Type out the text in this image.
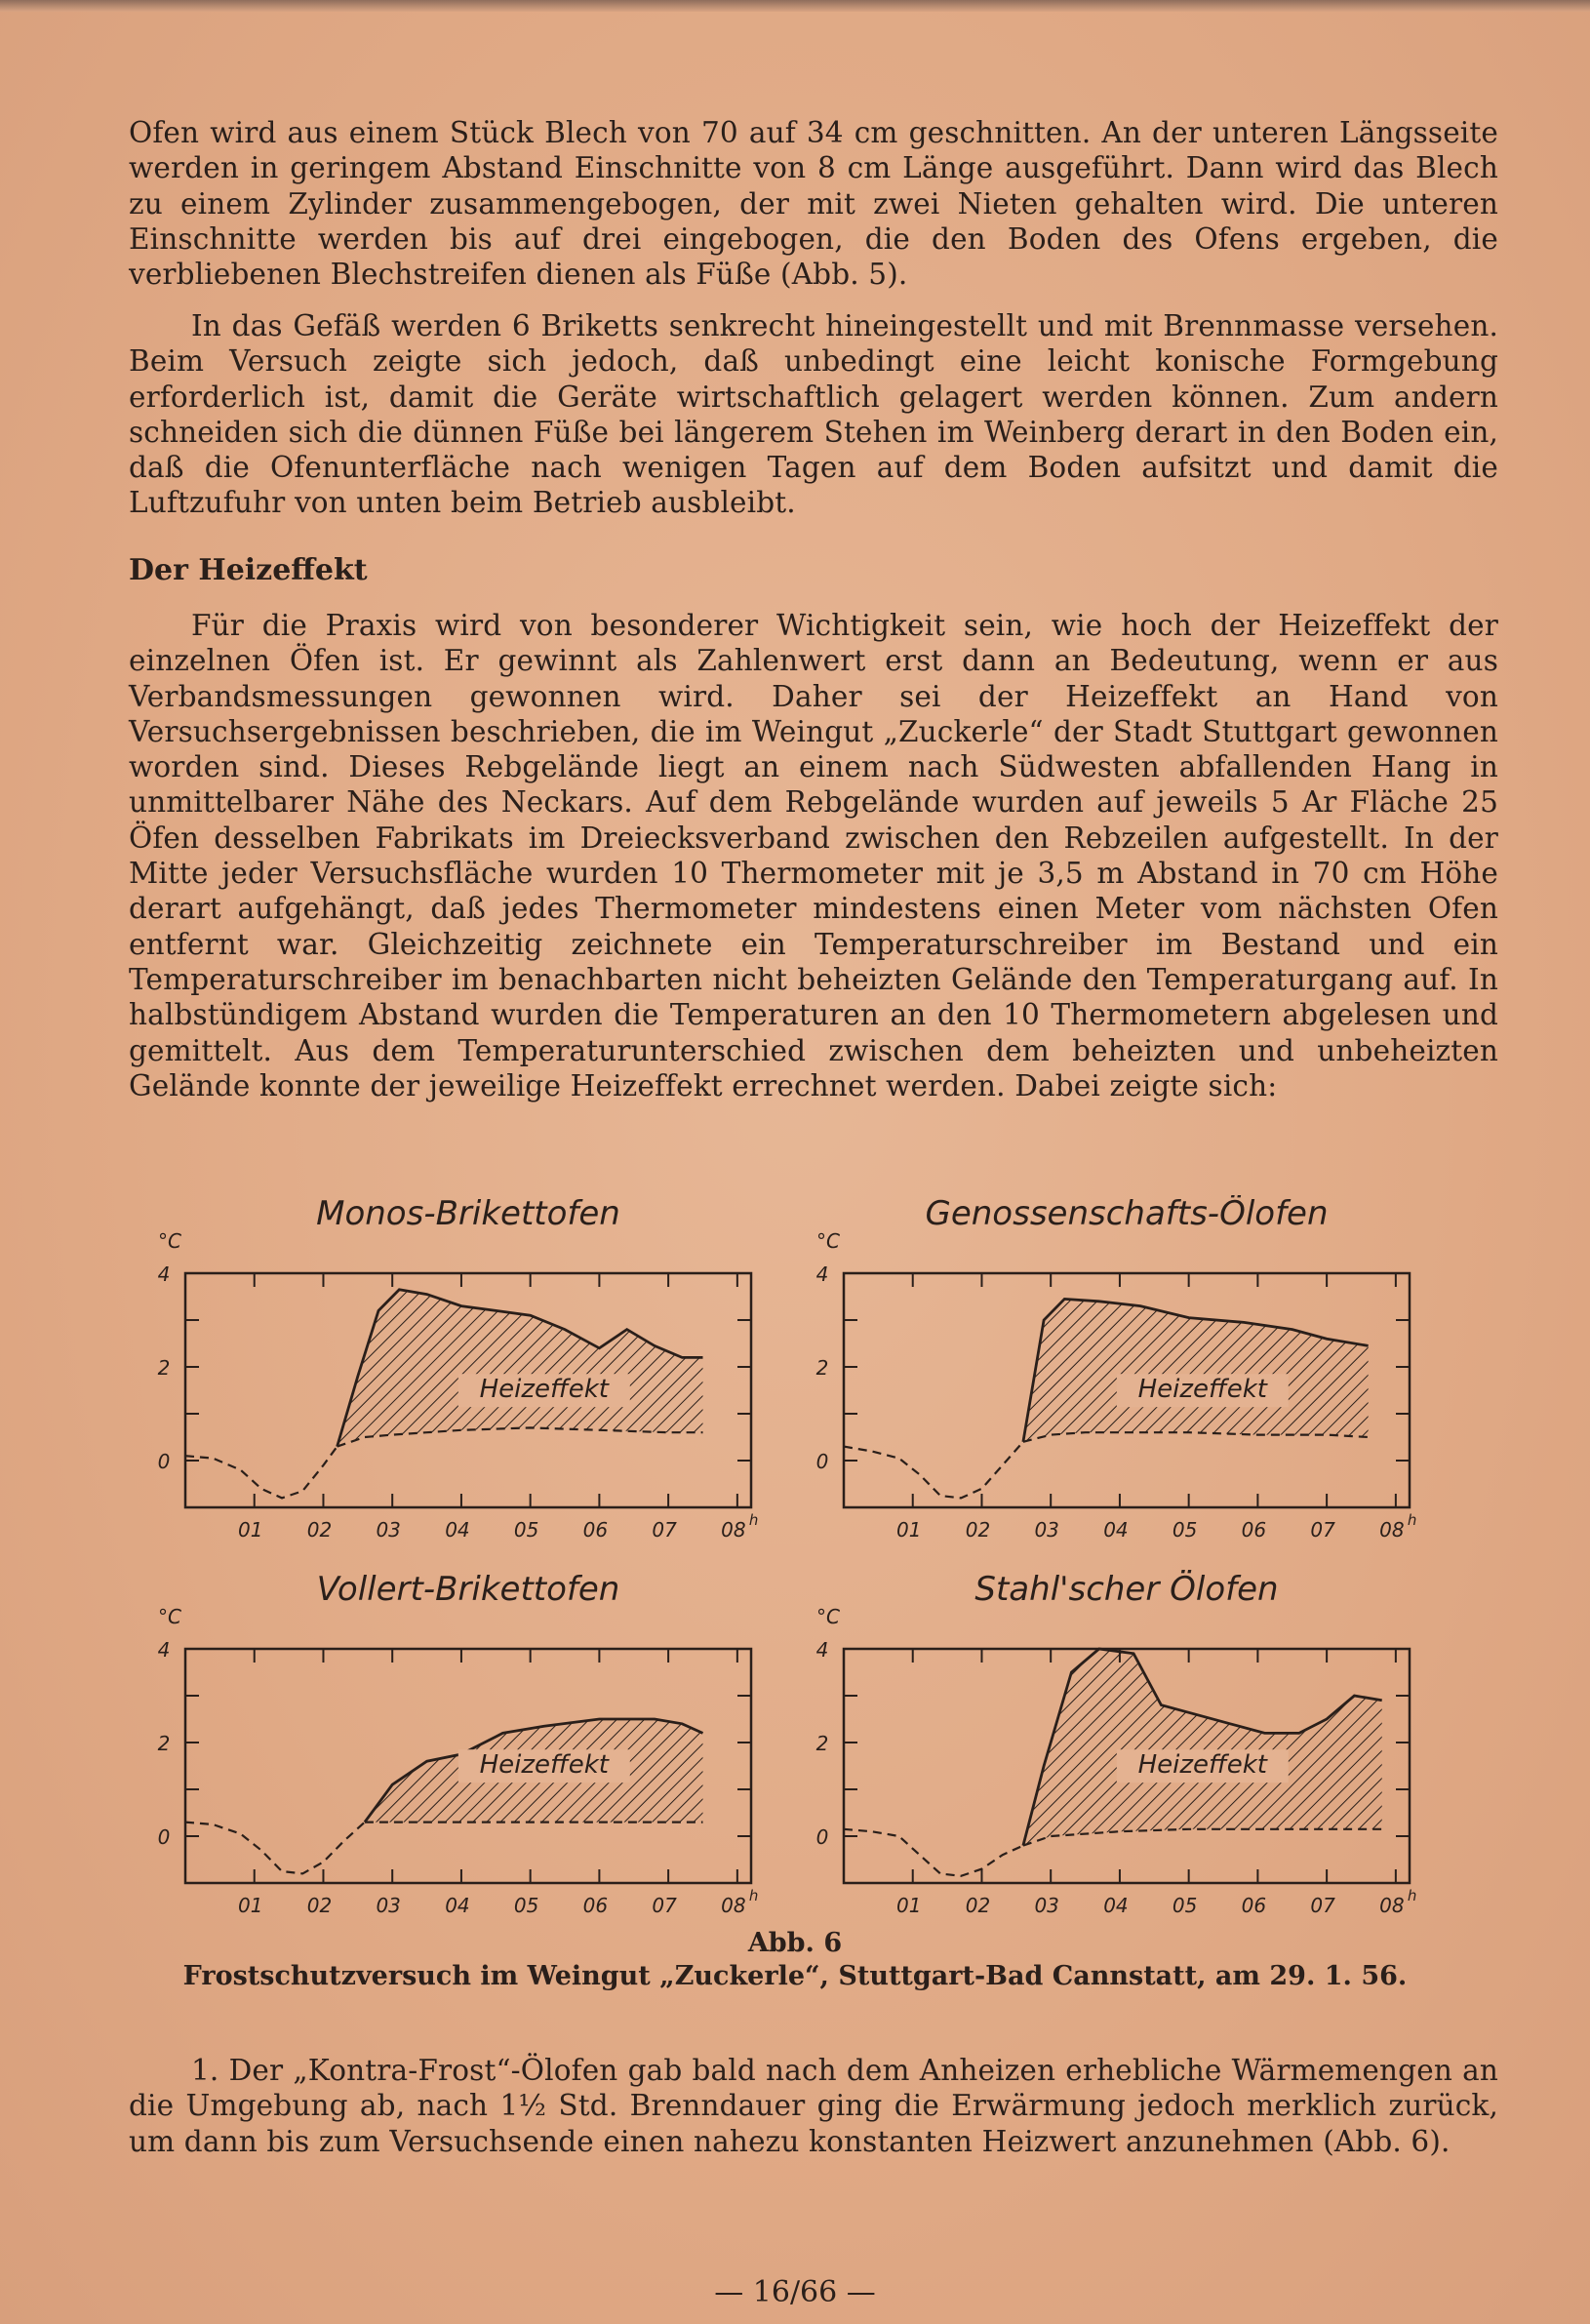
Ofen wird aus einem Stück Blech von 70 auf 34 cm geschnitten. An der unteren Längsseite werden in geringem Abstand Einschnitte von 8 cm Länge ausgeführt. Dann wird das Blech zu einem Zylinder zusammengebogen, der mit zwei Nieten gehalten wird. Die unteren Einschnitte werden bis auf drei eingebogen, die den Boden des Ofens ergeben, die verbliebenen Blechstreifen dienen als Füße (Abb. 5).

In das Gefäß werden 6 Briketts senkrecht hineingestellt und mit Brennmasse versehen. Beim Versuch zeigte sich jedoch, daß unbedingt eine leicht konische Formgebung erforderlich ist, damit die Geräte wirtschaftlich gelagert werden können. Zum andern schneiden sich die dünnen Füße bei längerem Stehen im Weinberg derart in den Boden ein, daß die Ofenunterfläche nach wenigen Tagen auf dem Boden aufsitzt und damit die Luftzufuhr von unten beim Betrieb ausbleibt.

Der Heizeffekt

Für die Praxis wird von besonderer Wichtigkeit sein, wie hoch der Heizeffekt der einzelnen Öfen ist. Er gewinnt als Zahlenwert erst dann an Bedeutung, wenn er aus Verbandsmessungen gewonnen wird. Daher sei der Heizeffekt an Hand von Versuchsergebnissen beschrieben, die im Weingut „Zuckerle“ der Stadt Stuttgart gewonnen worden sind. Dieses Rebgelände liegt an einem nach Südwesten abfallenden Hang in unmittelbarer Nähe des Neckars. Auf dem Rebgelände wurden auf jeweils 5 Ar Fläche 25 Öfen desselben Fabrikats im Dreiecksverband zwischen den Rebzeilen aufgestellt. In der Mitte jeder Versuchsfläche wurden 10 Thermometer mit je 3,5 m Abstand in 70 cm Höhe derart aufgehängt, daß jedes Thermometer mindestens einen Meter vom nächsten Ofen entfernt war. Gleichzeitig zeichnete ein Temperaturschreiber im Bestand und ein Temperaturschreiber im benachbarten nicht beheizten Gelände den Temperaturgang auf. In halbstündigem Abstand wurden die Temperaturen an den 10 Thermometern abgelesen und gemittelt. Aus dem Temperaturunterschied zwischen dem beheizten und unbeheizten Gelände konnte der jeweilige Heizeffekt errechnet werden. Dabei zeigte sich:

Monos-Brikettofen
°C
01 02 03 04 05 06 07 08 h
0
2
4
Heizeffekt
Genossenschafts-Ölofen
°C
01 02 03 04 05 06 07 08 h
0
2
4
Heizeffekt
Vollert-Brikettofen
°C
01 02 03 04 05 06 07 08 h
0
2
4
Heizeffekt
Stahl'scher Ölofen
°C
01 02 03 04 05 06 07 08 h
0
2
4
Heizeffekt

Abb. 6

Frostschutzversuch im Weingut „Zuckerle“, Stuttgart-Bad Cannstatt, am 29. 1. 56.

1. Der „Kontra-Frost“-Ölofen gab bald nach dem Anheizen erhebliche Wärmemengen an die Umgebung ab, nach 1½ Std. Brenndauer ging die Erwärmung jedoch merklich zurück, um dann bis zum Versuchsende einen nahezu konstanten Heizwert anzunehmen (Abb. 6).

— 16/66 —
